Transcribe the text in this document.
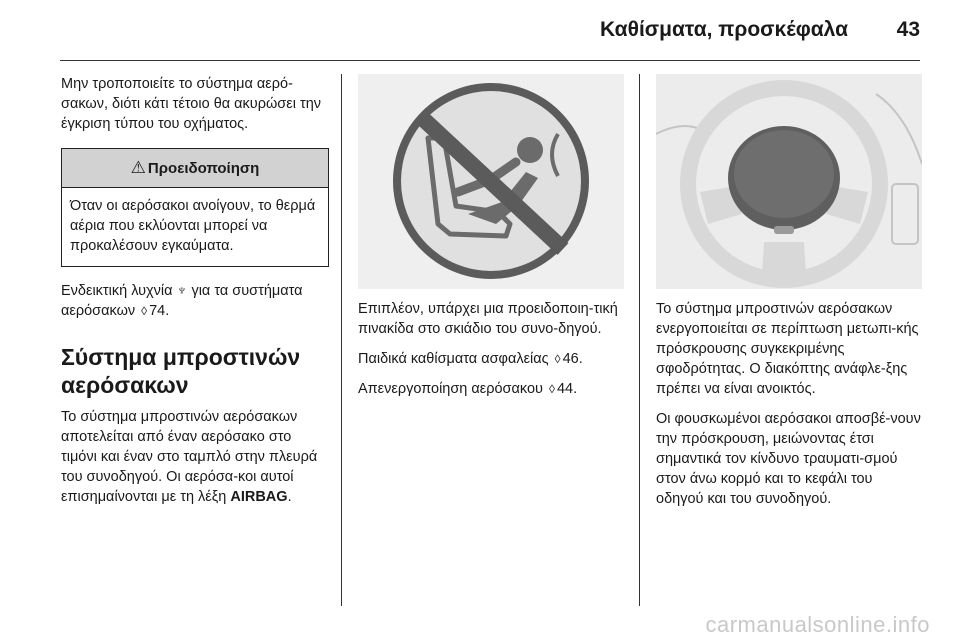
Καθίσματα, προσκέφαλα	43

Μην τροποποιείτε το σύστημα αερό-σακων, διότι κάτι τέτοιο θα ακυρώσει την έγκριση τύπου του οχήματος.

⚠ Προειδοποίηση
Όταν οι αερόσακοι ανοίγουν, το θερμά αέρια που εκλύονται μπορεί να προκαλέσουν εγκαύματα.

Ενδεικτική λυχνία ♆ για τα συστήματα αερόσακων ◊ 74.

Σύστημα μπροστινών αερόσακων

Το σύστημα μπροστινών αερόσακων αποτελείται από έναν αερόσακο στο τιμόνι και έναν στο ταμπλό στην πλευρά του συνοδηγού. Οι αερόσα-κοι αυτοί επισημαίνονται με τη λέξη AIRBAG.

Επιπλέον, υπάρχει μια προειδοποιη-τική πινακίδα στο σκιάδιο του συνο-δηγού.

Παιδικά καθίσματα ασφαλείας ◊ 46.

Απενεργοποίηση αερόσακου ◊ 44.

Το σύστημα μπροστινών αερόσακων ενεργοποιείται σε περίπτωση μετωπι-κής πρόσκρουσης συγκεκριμένης σφοδρότητας. Ο διακόπτης ανάφλε-ξης πρέπει να είναι ανοικτός.

Οι φουσκωμένοι αερόσακοι αποσβέ-νουν την πρόσκρουση, μειώνοντας έτσι σημαντικά τον κίνδυνο τραυματι-σμού στον άνω κορμό και το κεφάλι του οδηγού και του συνοδηγού.

carmanualsonline.info
